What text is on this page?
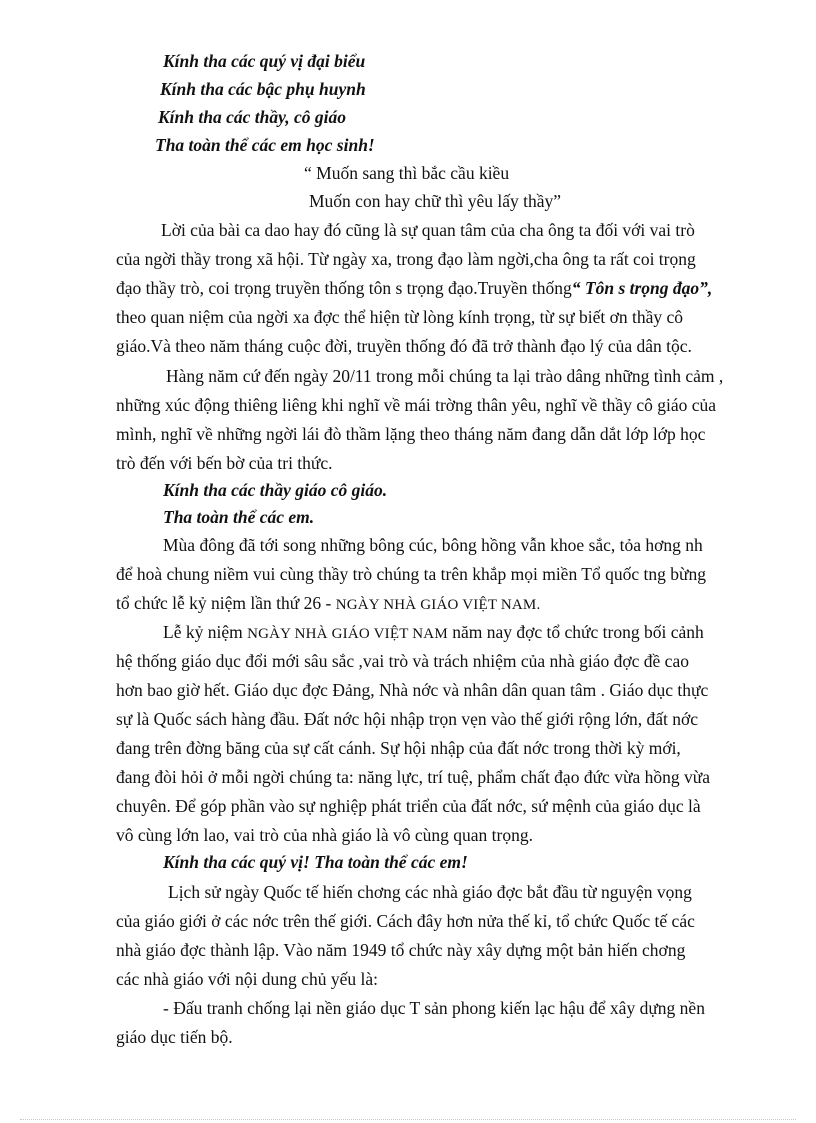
Kính tha các quý vị đại biểu
Kính tha các bậc phụ huynh
Kính tha các thầy, cô giáo
Tha toàn thể các em học sinh!
“ Muốn sang thì bắc cầu kiều
Muốn con hay chữ thì yêu lấy thầy”
Lời của bài ca dao hay đó cũng là sự quan tâm của cha ông ta đối với vai trò
của ngời thầy trong xã hội. Từ ngày xa, trong đạo làm ngời,cha ông ta rất coi trọng
đạo thầy trò, coi trọng truyền thống tôn s trọng đạo.Truyền thống“ Tôn s trọng đạo”,
theo quan niệm của ngời xa đợc thể hiện từ lòng kính trọng, từ sự biết ơn thầy cô
giáo.Và theo năm tháng cuộc đời, truyền thống đó đã trở thành đạo lý của dân tộc.
Hàng năm cứ đến ngày 20/11 trong mỗi chúng ta lại trào dâng những tình cảm ,
những xúc động thiêng liêng khi nghĩ về mái trờng thân yêu, nghĩ về thầy cô giáo của
mình, nghĩ về những ngời lái đò thầm lặng theo tháng năm đang dẫn dắt lớp lớp học
trò đến với bến bờ của tri thức.
Kính tha các thầy giáo cô giáo.
Tha toàn thể các em.
Mùa đông đã tới song những bông cúc, bông hồng vẫn khoe sắc, tỏa hơng nh
để hoà chung niềm vui cùng thầy trò chúng ta trên khắp mọi miền Tổ quốc tng bừng
tổ chức lễ kỷ niệm lần thứ 26 - NGÀY NHÀ GIÁO VIỆT NAM.
Lễ kỷ niệm NGÀY NHÀ GIÁO VIỆT NAM năm nay đợc tổ chức trong bối cảnh
hệ thống giáo dục đổi mới sâu sắc ,vai trò và trách nhiệm của nhà giáo đợc đề cao
hơn bao giờ hết. Giáo dục đợc Đảng, Nhà nớc và nhân dân quan tâm . Giáo dục thực
sự là Quốc sách hàng đầu. Đất nớc hội nhập trọn vẹn vào thế giới rộng lớn, đất nớc
đang trên đờng băng của sự cất cánh. Sự hội nhập của đất nớc trong thời kỳ mới,
đang đòi hỏi ở mỗi ngời chúng ta: năng lực, trí tuệ, phẩm chất đạo đức vừa hồng vừa
chuyên. Để góp phần vào sự nghiệp phát triển của đất nớc, sứ mệnh của giáo dục là
vô cùng lớn lao, vai trò của nhà giáo là vô cùng quan trọng.
Kính tha các quý vị! Tha toàn thể các em!
Lịch sử ngày Quốc tế hiến chơng các nhà giáo đợc bắt đầu từ nguyện vọng
của giáo giới ở các nớc trên thế giới. Cách đây hơn nửa thế kỉ, tổ chức Quốc tế các
nhà giáo đợc thành lập. Vào năm 1949 tổ chức này xây dựng một bản hiến chơng
các nhà giáo với nội dung chủ yếu là:
- Đấu tranh chống lại nền giáo dục T sản phong kiến lạc hậu để xây dựng nền
giáo dục tiến bộ.
